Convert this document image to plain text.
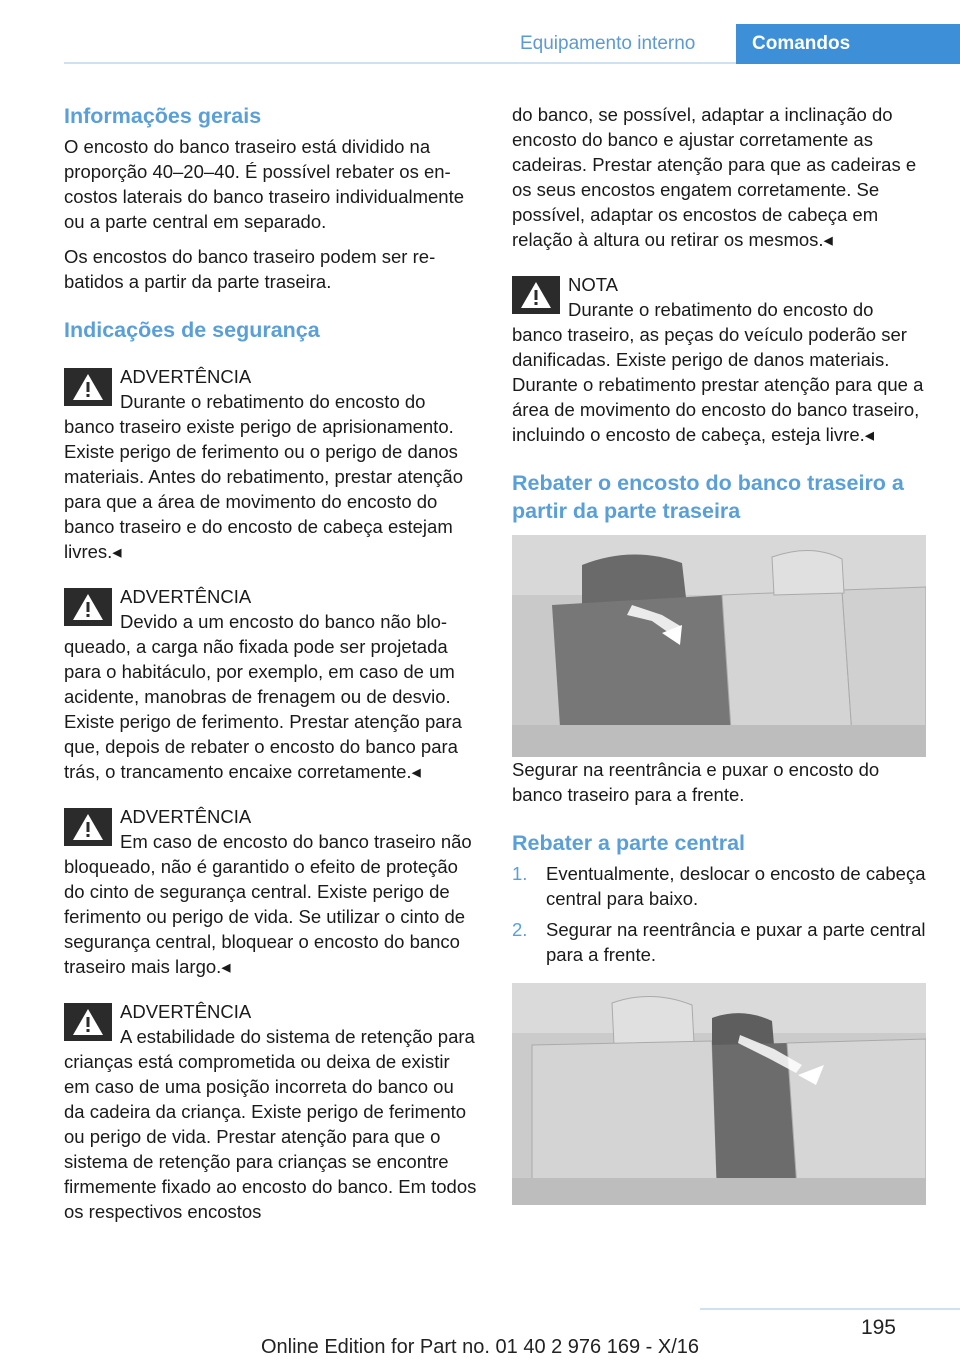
Equipamento interno	Comandos
Informações gerais

O encosto do banco traseiro está dividido na proporção 40–20–40. É possível rebater os encostos laterais do banco traseiro individualmente ou a parte central em separado.

Os encostos do banco traseiro podem ser rebatidos a partir da parte traseira.

Indicações de segurança
ADVERTÊNCIA

Durante o rebatimento do encosto do banco traseiro existe perigo de aprisionamento. Existe perigo de ferimento ou o perigo de danos materiais. Antes do rebatimento, prestar atenção para que a área de movimento do encosto do banco traseiro e do encosto de cabeça estejam livres.◂

ADVERTÊNCIA

Devido a um encosto do banco não bloqueado, a carga não fixada pode ser projetada para o habitáculo, por exemplo, em caso de um acidente, manobras de frenagem ou de desvio. Existe perigo de ferimento. Prestar atenção para que, depois de rebater o encosto do banco para trás, o trancamento encaixe corretamente.◂

ADVERTÊNCIA

Em caso de encosto do banco traseiro não bloqueado, não é garantido o efeito de proteção do cinto de segurança central. Existe perigo de ferimento ou perigo de vida. Se utilizar o cinto de segurança central, bloquear o encosto do banco traseiro mais largo.◂

ADVERTÊNCIA

A estabilidade do sistema de retenção para crianças está comprometida ou deixa de existir em caso de uma posição incorreta do banco ou da cadeira da criança. Existe perigo de ferimento ou perigo de vida. Prestar atenção para que o sistema de retenção para crianças se encontre firmemente fixado ao encosto do banco. Em todos os respectivos encostos

do banco, se possível, adaptar a inclinação do encosto do banco e ajustar corretamente as cadeiras. Prestar atenção para que as cadeiras e os seus encostos engatem corretamente. Se possível, adaptar os encostos de cabeça em relação à altura ou retirar os mesmos.◂

NOTA

Durante o rebatimento do encosto do banco traseiro, as peças do veículo poderão ser danificadas. Existe perigo de danos materiais. Durante o rebatimento prestar atenção para que a área de movimento do encosto do banco traseiro, incluindo o encosto de cabeça, esteja livre.◂

Rebater o encosto do banco traseiro a partir da parte traseira

Segurar na reentrância e puxar o encosto do banco traseiro para a frente.

Rebater a parte central
1. Eventualmente, deslocar o encosto de cabeça central para baixo.
2. Segurar na reentrância e puxar a parte central para a frente.
195
Online Edition for Part no. 01 40 2 976 169 - X/16
